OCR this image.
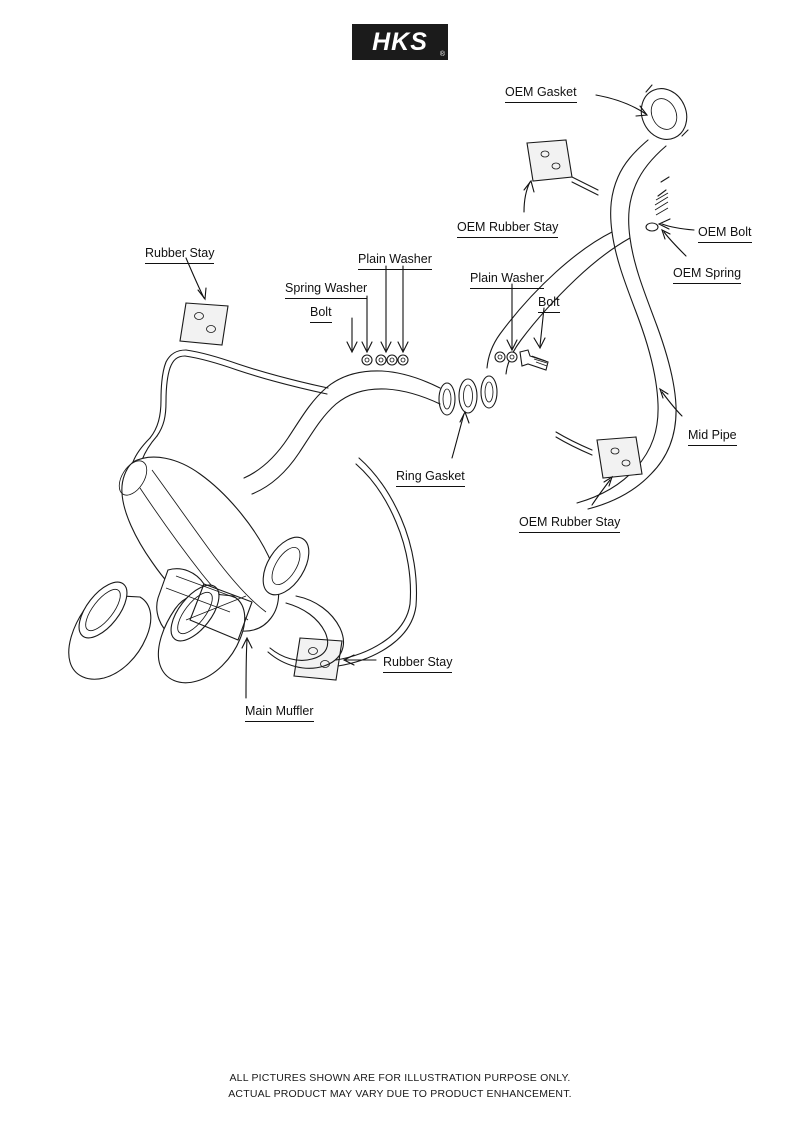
HKS ®
OEM Gasket
OEM Rubber Stay	OEM Bolt
OEM Spring
Rubber Stay	Plain Washer
Plain Washer
Spring Washer
Bolt
Bolt
Mid Pipe
Ring Gasket
OEM Rubber Stay
Rubber Stay
Main Muffler
ALL PICTURES SHOWN ARE FOR ILLUSTRATION PURPOSE ONLY.
ACTUAL PRODUCT MAY VARY DUE TO PRODUCT ENHANCEMENT.
